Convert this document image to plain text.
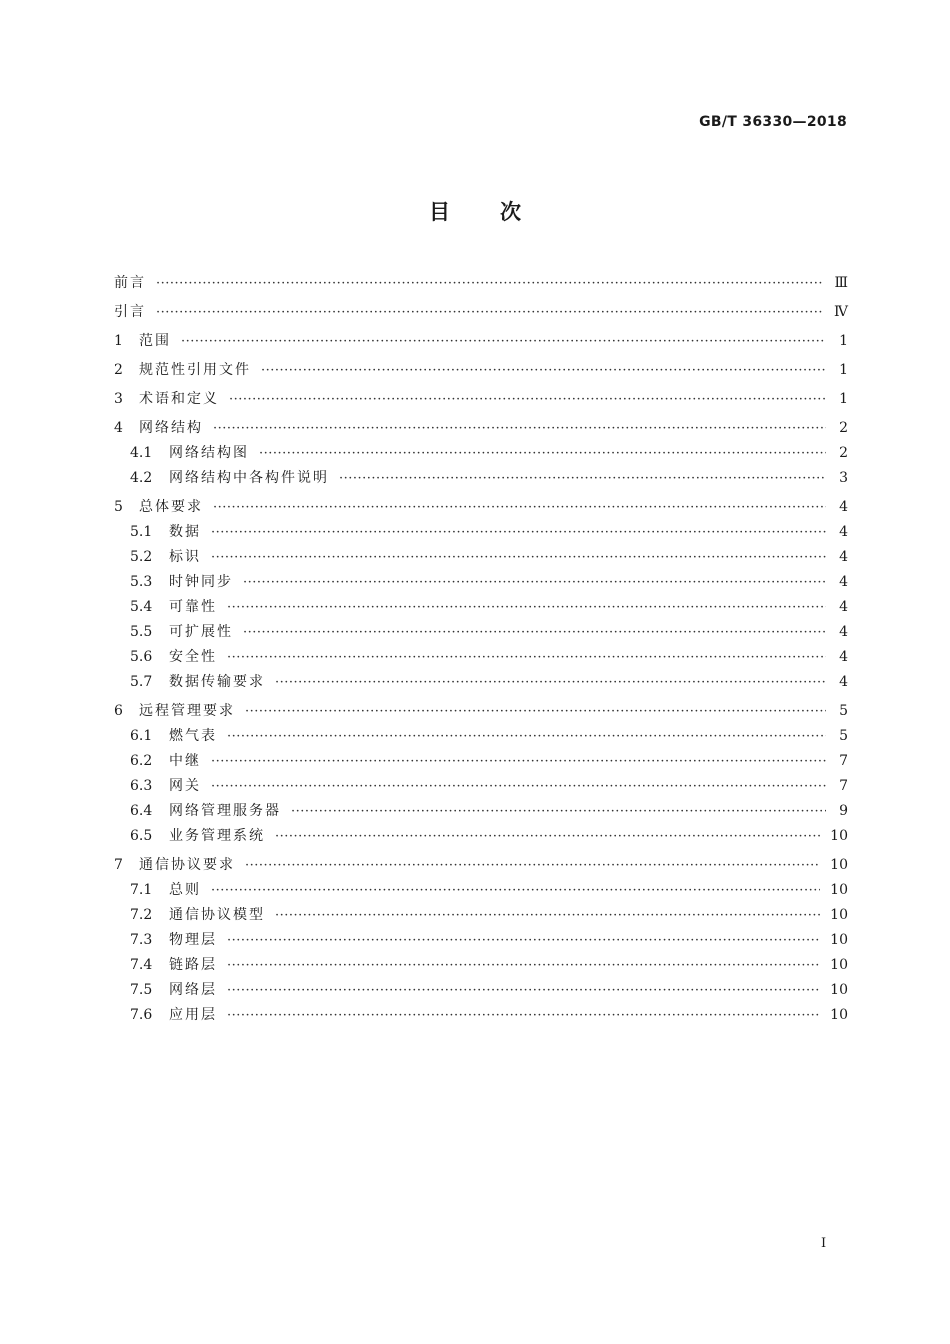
GB/T 36330—2018
目次
前言 ·····	Ⅲ
引言 ·····	Ⅳ
1 范围 ·····	1
2 规范性引用文件 ·····	1
3 术语和定义 ·····	1
4 网络结构 ·····	2
4.1 网络结构图 ·····	2
4.2 网络结构中各构件说明 ·····	3
5 总体要求 ·····	4
5.1 数据 ·····	4
5.2 标识 ·····	4
5.3 时钟同步 ·····	4
5.4 可靠性 ·····	4
5.5 可扩展性 ·····	4
5.6 安全性 ·····	4
5.7 数据传输要求 ·····	4
6 远程管理要求 ·····	5
6.1 燃气表 ·····	5
6.2 中继 ·····	7
6.3 网关 ·····	7
6.4 网络管理服务器 ·····	9
6.5 业务管理系统 ·····	10
7 通信协议要求 ·····	10
7.1 总则 ·····	10
7.2 通信协议模型 ·····	10
7.3 物理层 ·····	10
7.4 链路层 ·····	10
7.5 网络层 ·····	10
7.6 应用层 ·····	10
I
